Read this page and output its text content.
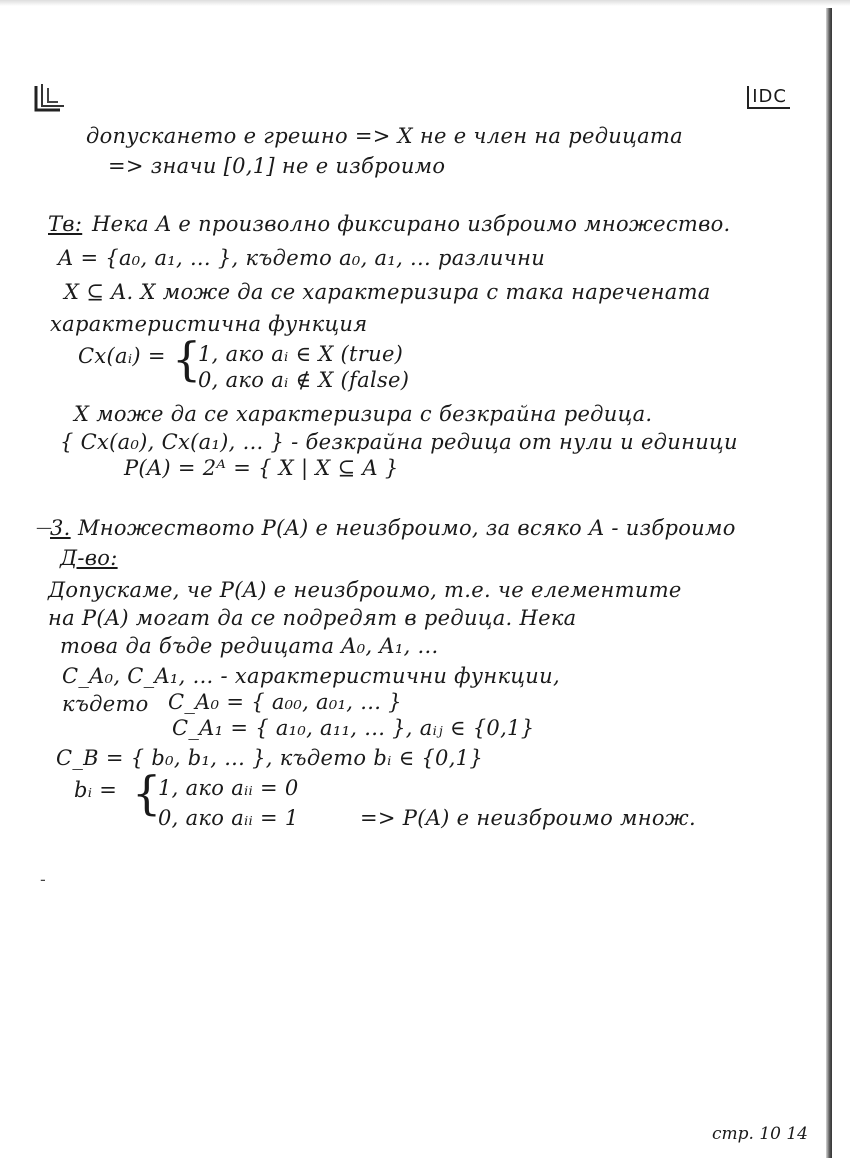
IDC
допускането е грешно => X не е член на редицата
=> значи [0,1] не е изброимо
Тв: Нека A е произволно фиксирано изброимо множество.
A = {a₀, a₁, ... }, където a₀, a₁, ... различни
X ⊆ A. X може да се характеризира с така наречената
характеристична функция
Cx(aᵢ) = {
1, ако aᵢ ∈ X (true)
0, ако aᵢ ∉ X (false)
X може да се характеризира с безкрайна редица.
{ Cx(a₀), Cx(a₁), ... } - безкрайна редица от нули и единици
P(A) = 2ᴬ = { X | X ⊆ A }
—
3. Множеството P(A) е неизброимо, за всяко A - изброимо
Д-во:
Допускаме, че P(A) е неизброимо, т.е. че елементите
на P(A) могат да се подредят в редица. Нека
това да бъде редицата A₀, A₁, ...
C_A₀, C_A₁, ... - характеристични функции,
където C_A₀ = { a₀₀, a₀₁, ... }
C_A₁ = { a₁₀, a₁₁, ... }, aᵢⱼ ∈ {0,1}
C_B = { b₀, b₁, ... }, където bᵢ ∈ {0,1}
bᵢ = {
1, ако aᵢᵢ = 0
0, ако aᵢᵢ = 1	=> P(A) е неизброимо множ.
-
стр. 10 14
